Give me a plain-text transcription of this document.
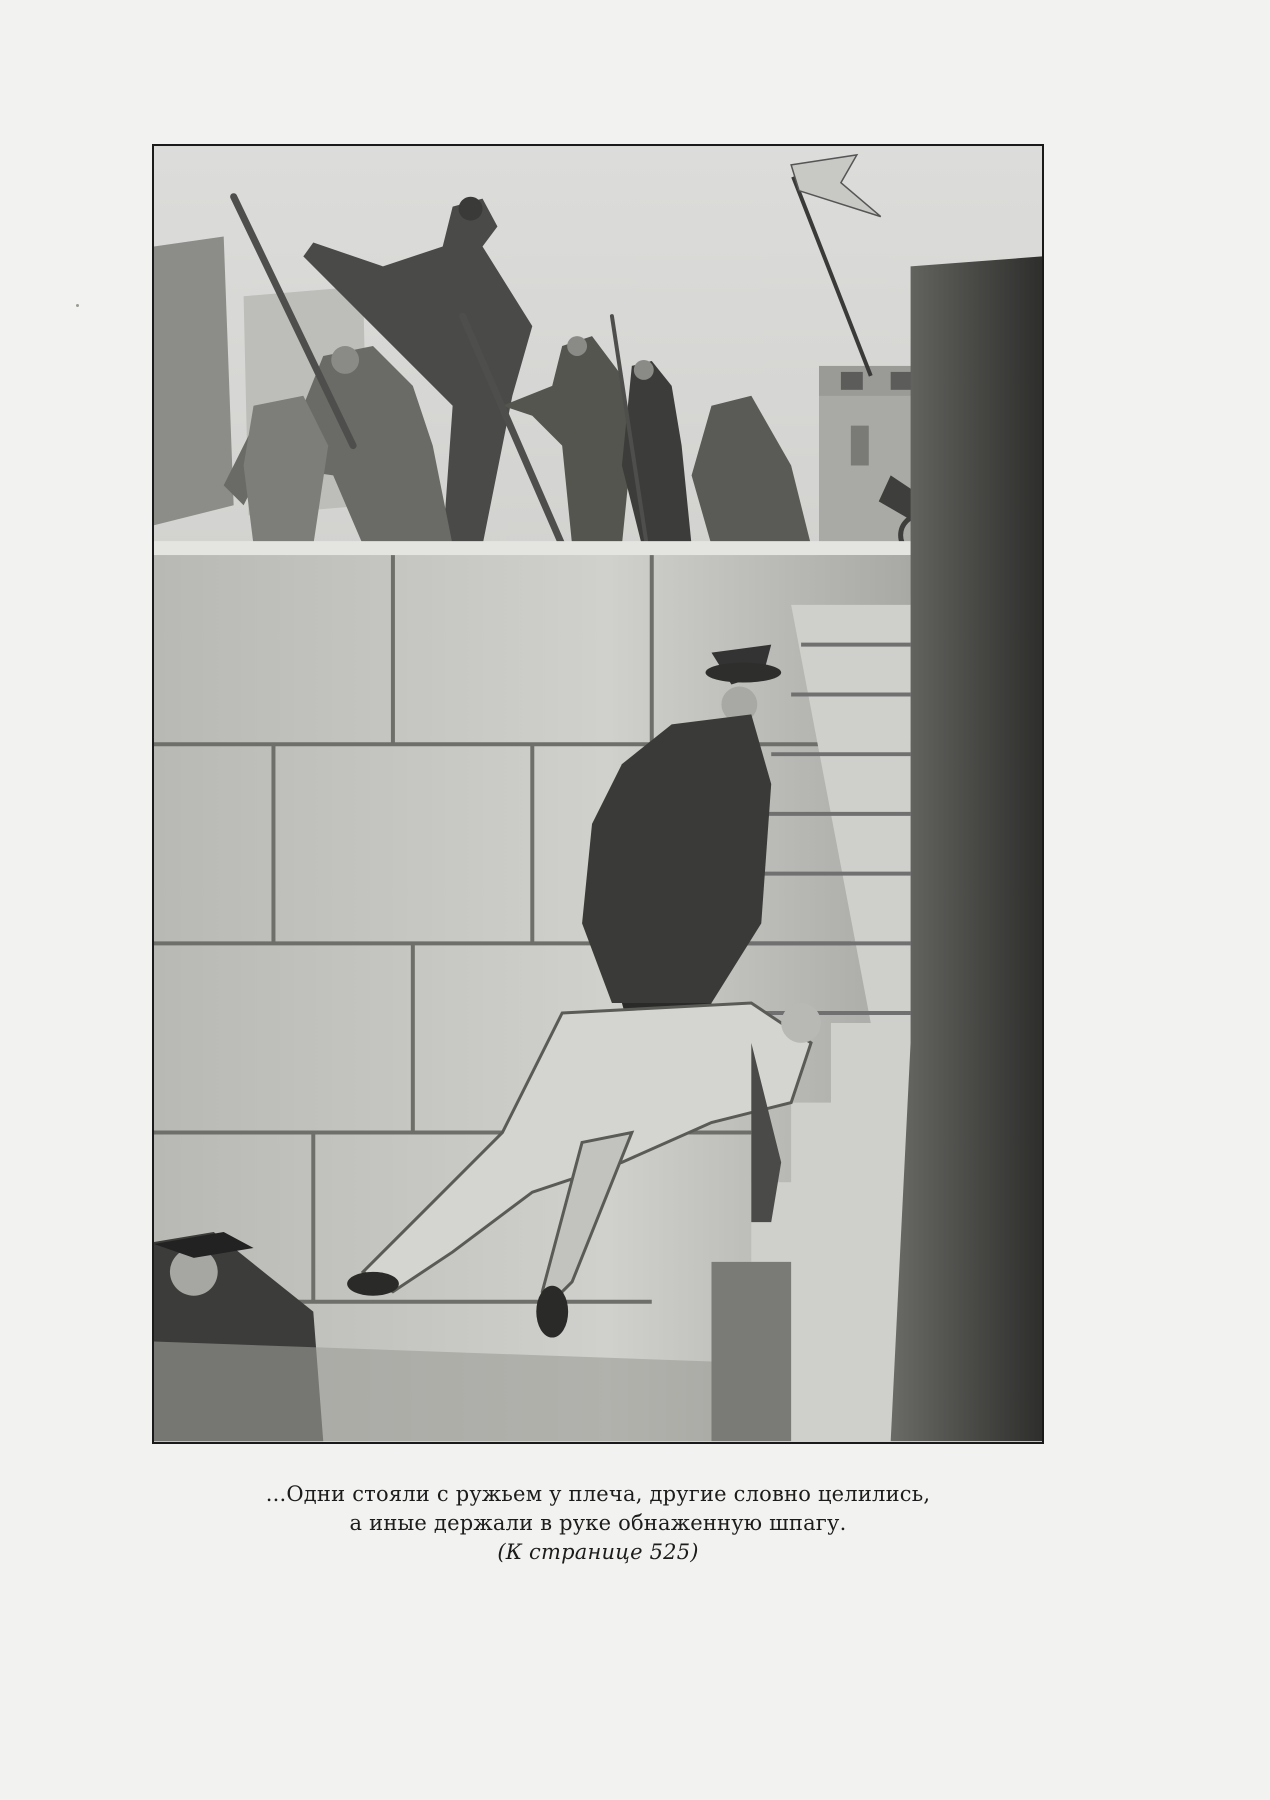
...Одни стояли с ружьем у плеча, другие словно целились,
а иные держали в руке обнаженную шпагу.
(К странице 525)
